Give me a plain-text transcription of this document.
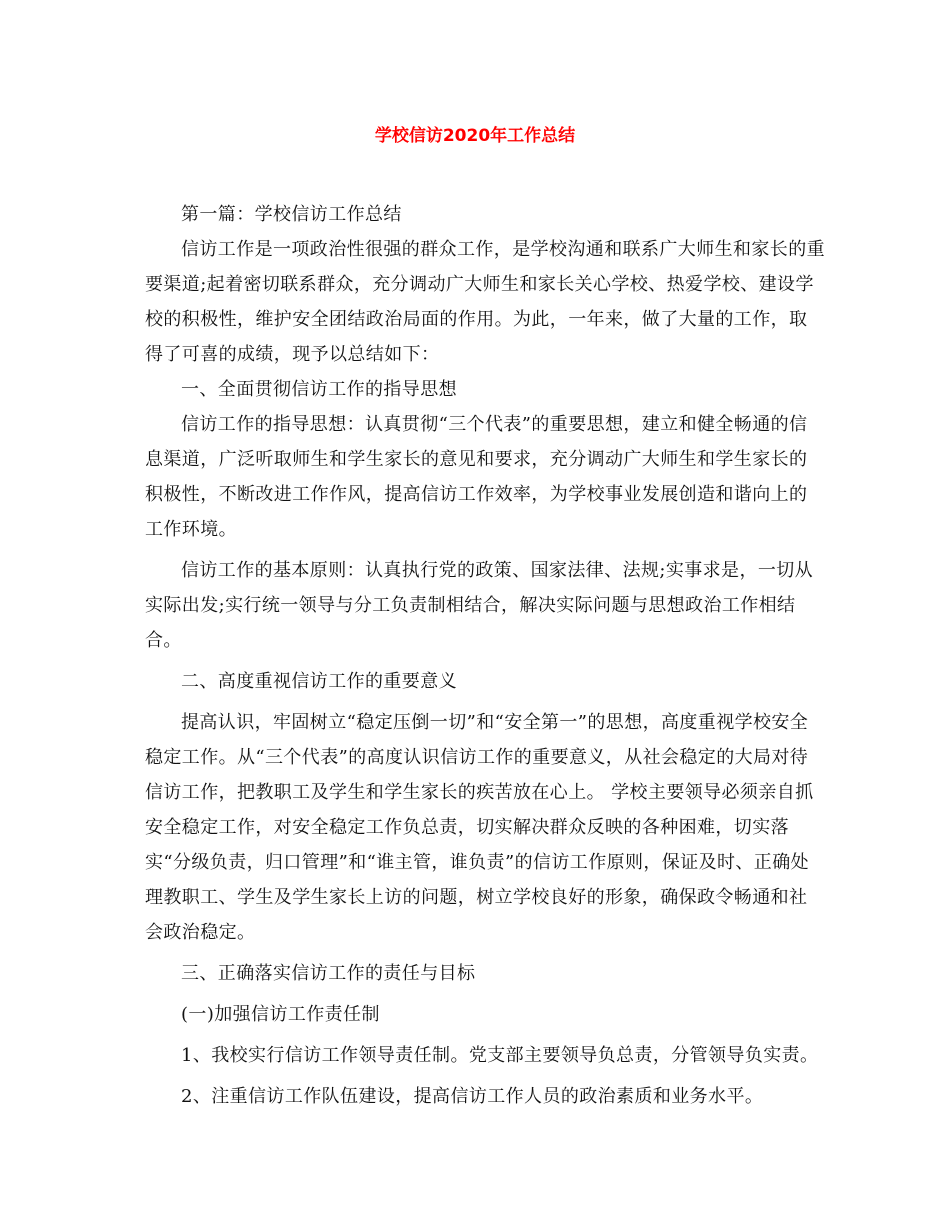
学校信访2020年工作总结

第一篇：学校信访工作总结

信访工作是一项政治性很强的群众工作，是学校沟通和联系广大师生和家长的重要渠道;起着密切联系群众，充分调动广大师生和家长关心学校、热爱学校、建设学校的积极性，维护安全团结政治局面的作用。为此，一年来，做了大量的工作，取得了可喜的成绩，现予以总结如下：

一、全面贯彻信访工作的指导思想

信访工作的指导思想：认真贯彻“三个代表”的重要思想，建立和健全畅通的信息渠道，广泛听取师生和学生家长的意见和要求，充分调动广大师生和学生家长的积极性，不断改进工作作风，提高信访工作效率，为学校事业发展创造和谐向上的工作环境。

信访工作的基本原则：认真执行党的政策、国家法律、法规;实事求是，一切从实际出发;实行统一领导与分工负责制相结合，解决实际问题与思想政治工作相结合。

二、高度重视信访工作的重要意义

提高认识，牢固树立“稳定压倒一切”和“安全第一”的思想，高度重视学校安全稳定工作。从“三个代表”的高度认识信访工作的重要意义，从社会稳定的大局对待信访工作，把教职工及学生和学生家长的疾苦放在心上。 学校主要领导必须亲自抓安全稳定工作，对安全稳定工作负总责，切实解决群众反映的各种困难，切实落实“分级负责，归口管理”和“谁主管，谁负责”的信访工作原则，保证及时、正确处理教职工、学生及学生家长上访的问题，树立学校良好的形象，确保政令畅通和社会政治稳定。

三、正确落实信访工作的责任与目标

(一)加强信访工作责任制

1、我校实行信访工作领导责任制。党支部主要领导负总责，分管领导负实责。

2、注重信访工作队伍建设，提高信访工作人员的政治素质和业务水平。
